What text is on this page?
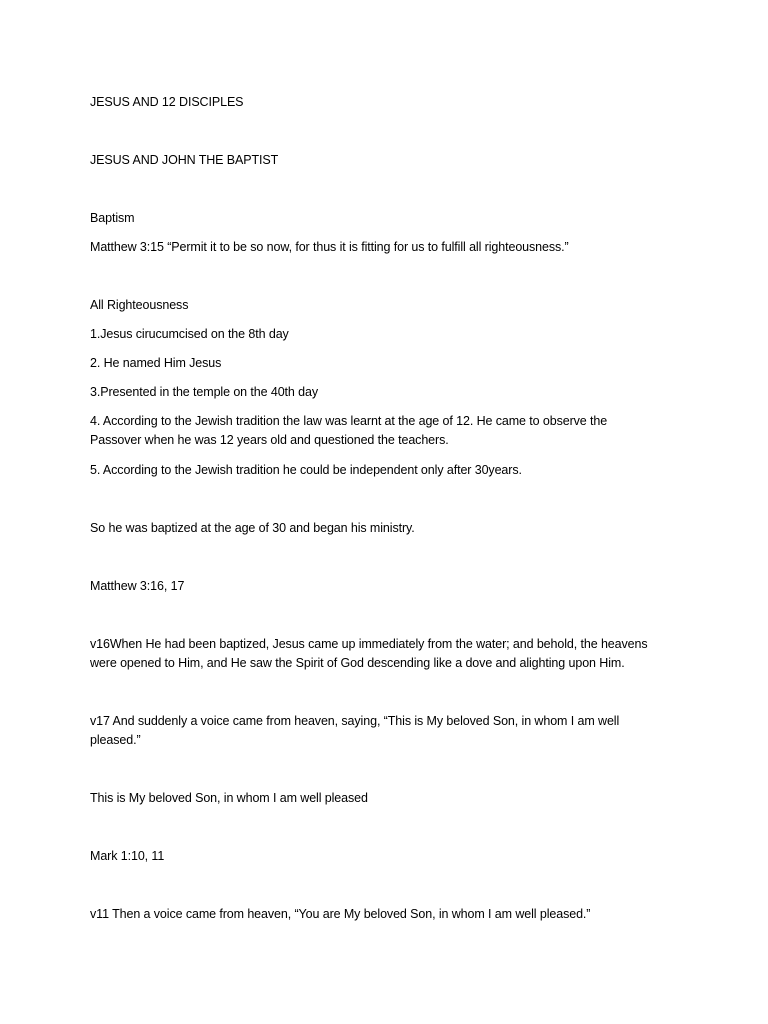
JESUS AND 12 DISCIPLES

JESUS AND JOHN THE BAPTIST

Baptism

Matthew 3:15 “Permit it to be so now, for thus it is fitting for us to fulfill all righteousness.”

All Righteousness

1.Jesus cirucumcised on the 8th day

2. He named Him Jesus

3.Presented in the temple on the 40th day

4. According to the Jewish tradition the law was learnt at the age of 12. He came to observe the

Passover when he was 12 years old and questioned the teachers.

5. According to the Jewish tradition he could be independent only after 30years.

So he was baptized at the age of 30 and began his ministry.

Matthew 3:16, 17

v16When He had been baptized, Jesus came up immediately from the water; and behold, the heavens

were opened to Him, and He saw the Spirit of God descending like a dove and alighting upon Him.

v17 And suddenly a voice came from heaven, saying, “This is My beloved Son, in whom I am well

pleased.”

This is My beloved Son, in whom I am well pleased

Mark 1:10, 11

v11 Then a voice came from heaven, “You are My beloved Son, in whom I am well pleased.”
